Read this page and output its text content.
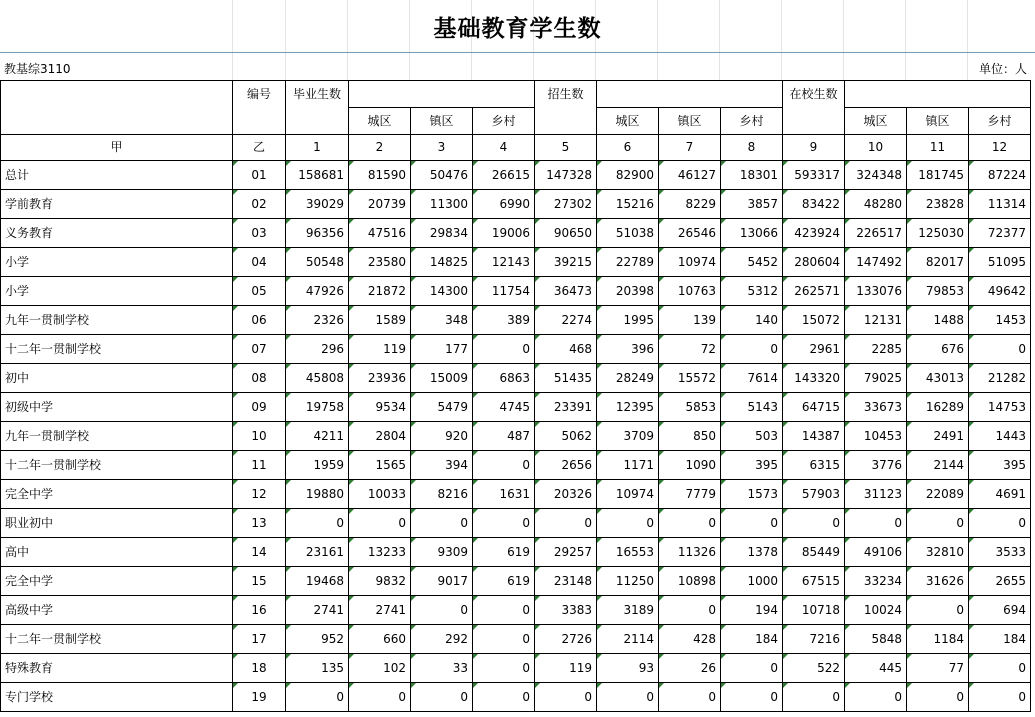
基础教育学生数
教基综3110	单位：人
	编号	毕业生数				招生数				在校生数			
			城区	镇区	乡村		城区	镇区	乡村		城区	镇区	乡村
甲	乙	1	2	3	4	5	6	7	8	9	10	11	12
总计	01	158681	81590	50476	26615	147328	82900	46127	18301	593317	324348	181745	87224
学前教育	02	39029	20739	11300	6990	27302	15216	8229	3857	83422	48280	23828	11314
义务教育	03	96356	47516	29834	19006	90650	51038	26546	13066	423924	226517	125030	72377
小学	04	50548	23580	14825	12143	39215	22789	10974	5452	280604	147492	82017	51095
小学	05	47926	21872	14300	11754	36473	20398	10763	5312	262571	133076	79853	49642
九年一贯制学校	06	2326	1589	348	389	2274	1995	139	140	15072	12131	1488	1453
十二年一贯制学校	07	296	119	177	0	468	396	72	0	2961	2285	676	0
初中	08	45808	23936	15009	6863	51435	28249	15572	7614	143320	79025	43013	21282
初级中学	09	19758	9534	5479	4745	23391	12395	5853	5143	64715	33673	16289	14753
九年一贯制学校	10	4211	2804	920	487	5062	3709	850	503	14387	10453	2491	1443
十二年一贯制学校	11	1959	1565	394	0	2656	1171	1090	395	6315	3776	2144	395
完全中学	12	19880	10033	8216	1631	20326	10974	7779	1573	57903	31123	22089	4691
职业初中	13	0	0	0	0	0	0	0	0	0	0	0	0
高中	14	23161	13233	9309	619	29257	16553	11326	1378	85449	49106	32810	3533
完全中学	15	19468	9832	9017	619	23148	11250	10898	1000	67515	33234	31626	2655
高级中学	16	2741	2741	0	0	3383	3189	0	194	10718	10024	0	694
十二年一贯制学校	17	952	660	292	0	2726	2114	428	184	7216	5848	1184	184
特殊教育	18	135	102	33	0	119	93	26	0	522	445	77	0
专门学校	19	0	0	0	0	0	0	0	0	0	0	0	0
